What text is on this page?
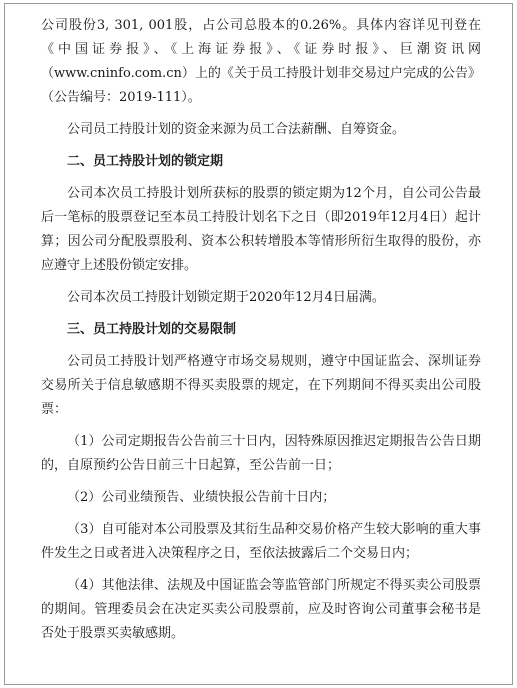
公司股份3, 301, 001股，占公司总股本的0.26%。具体内容详见刊登在《中国证券报》、《上海证券报》、《证券时报》、巨潮资讯网（www.cninfo.com.cn）上的《关于员工持股计划非交易过户完成的公告》（公告编号：2019-111）。

公司员工持股计划的资金来源为员工合法薪酬、自筹资金。

二、员工持股计划的锁定期

公司本次员工持股计划所获标的股票的锁定期为12个月，自公司公告最后一笔标的股票登记至本员工持股计划名下之日（即2019年12月4日）起计算；因公司分配股票股利、资本公积转增股本等情形所衍生取得的股份，亦应遵守上述股份锁定安排。

公司本次员工持股计划锁定期于2020年12月4日届满。

三、员工持股计划的交易限制

公司员工持股计划严格遵守市场交易规则，遵守中国证监会、深圳证券交易所关于信息敏感期不得买卖股票的规定，在下列期间不得买卖出公司股票：

（1）公司定期报告公告前三十日内，因特殊原因推迟定期报告公告日期的，自原预约公告日前三十日起算，至公告前一日；

（2）公司业绩预告、业绩快报公告前十日内；

（3）自可能对本公司股票及其衍生品种交易价格产生较大影响的重大事件发生之日或者进入决策程序之日，至依法披露后二个交易日内；

（4）其他法律、法规及中国证监会等监管部门所规定不得买卖公司股票的期间。管理委员会在决定买卖公司股票前，应及时咨询公司董事会秘书是否处于股票买卖敏感期。
